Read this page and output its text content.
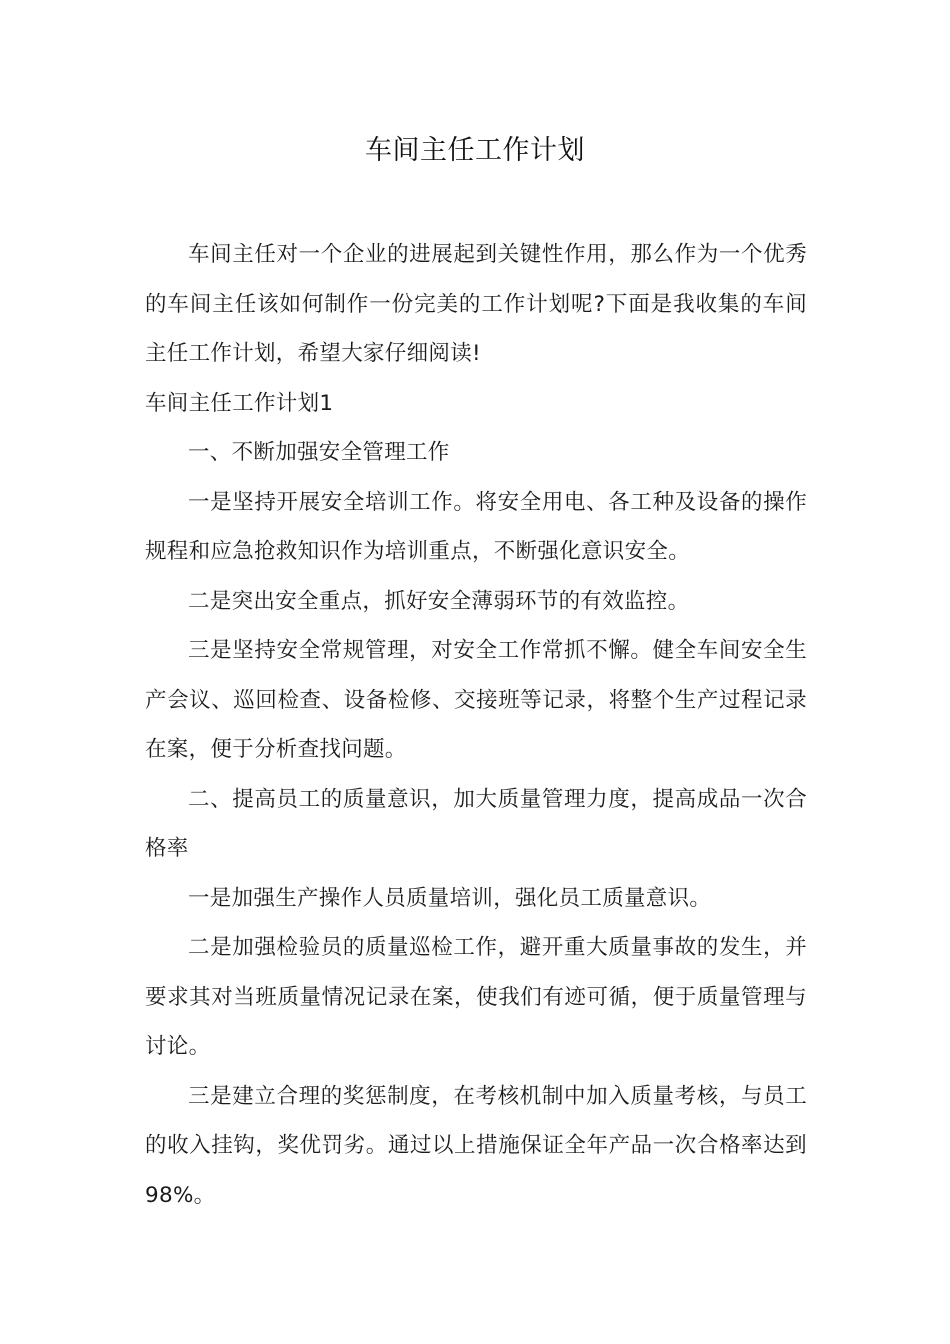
车间主任工作计划

车间主任对一个企业的进展起到关键性作用，那么作为一个优秀的车间主任该如何制作一份完美的工作计划呢?下面是我收集的车间主任工作计划，希望大家仔细阅读!

车间主任工作计划1

一、不断加强安全管理工作

一是坚持开展安全培训工作。将安全用电、各工种及设备的操作规程和应急抢救知识作为培训重点，不断强化意识安全。

二是突出安全重点，抓好安全薄弱环节的有效监控。

三是坚持安全常规管理，对安全工作常抓不懈。健全车间安全生产会议、巡回检查、设备检修、交接班等记录，将整个生产过程记录在案，便于分析查找问题。

二、提高员工的质量意识，加大质量管理力度，提高成品一次合格率

一是加强生产操作人员质量培训，强化员工质量意识。

二是加强检验员的质量巡检工作，避开重大质量事故的发生，并要求其对当班质量情况记录在案，使我们有迹可循，便于质量管理与讨论。

三是建立合理的奖惩制度，在考核机制中加入质量考核，与员工的收入挂钩，奖优罚劣。通过以上措施保证全年产品一次合格率达到98%。
